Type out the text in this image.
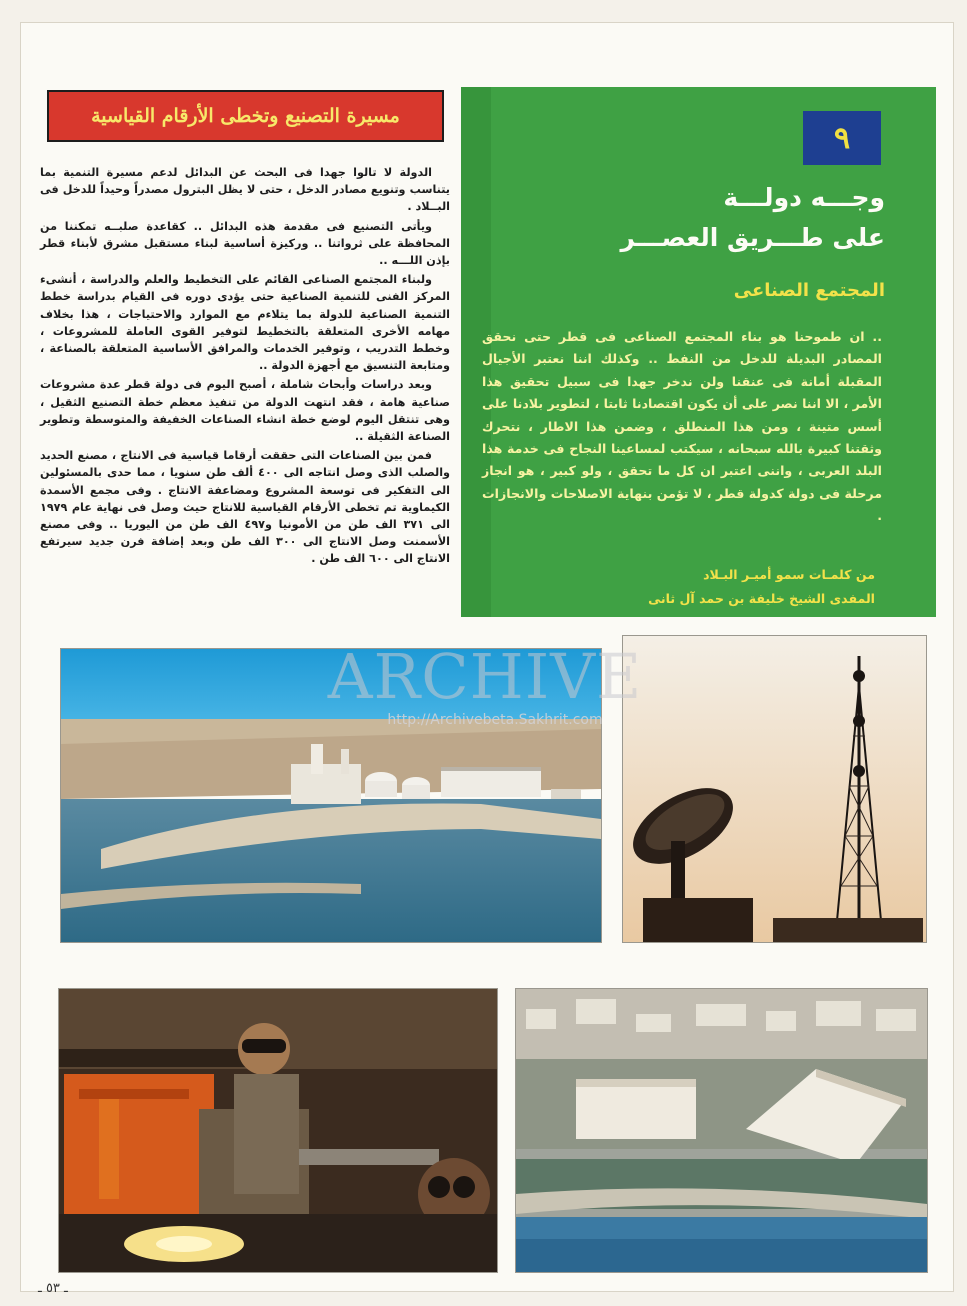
مسيرة التصنيع وتخطى الأرقام القياسية

الدولة لا تالوا جهدا فى البحث عن البدائل لدعم مسيرة التنمية بما يتناسب وتنويع مصادر الدخل ، حتى لا يظل البترول مصدراً وحيداً للدخل فى البــلاد .

ويأتى التصنيع فى مقدمة هذه البدائل .. كقاعدة صلبــه تمكننا من المحافظة على ثرواتنا .. وركيزة أساسية لبناء مستقبل مشرق لأبناء قطر بإذن اللـــه ..

ولبناء المجتمع الصناعى القائم على التخطيط والعلم والدراسة ، أنشىء المركز الفنى للتنمية الصناعية حتى يؤدى دوره فى القيام بدراسة خطط التنمية الصناعية للدولة بما يتلاءم مع الموارد والاحتياجات ، هذا بخلاف مهامه الأخرى المتعلقة بالتخطيط لتوفير القوى العاملة للمشروعات ، وخطط التدريب ، وتوفير الخدمات والمرافق الأساسية المتعلقة بالصناعة ، ومتابعة التنسيق مع أجهزة الدولة ..

وبعد دراسات وأبحاث شاملة ، أصبح اليوم فى دولة قطر عدة مشروعات صناعية هامة ، فقد انتهت الدولة من تنفيذ معظم خطة التصنيع الثقيل ، وهى تنتقل اليوم لوضع خطة انشاء الصناعات الخفيفة والمتوسطة وتطوير الصناعة الثقيلة ..

فمن بين الصناعات التى حققت أرقاما قياسية فى الانتاج ، مصنع الحديد والصلب الذى وصل انتاجه الى ٤٠٠ ألف طن سنويا ، مما حدى بالمسئولين الى التفكير فى توسعة المشروع ومضاعفة الانتاج . وفى مجمع الأسمدة الكيماوية تم تخطى الأرقام القياسية للانتاج حيث وصل فى نهاية عام ١٩٧٩ الى ٣٧١ الف طن من الأمونيا و٤٩٧ الف طن من اليوريا .. وفى مصنع الأسمنت وصل الانتاج الى ٣٠٠ الف طن وبعد إضافة فرن جديد سيرتفع الانتاج الى ٦٠٠ الف طن .

٩
وجـــه دولـــة
على طـــريق العصـــر
المجتمع الصناعى
.. ان طموحنا هو بناء المجتمع الصناعى فى قطر حتى نحقق المصادر البديلة للدخل من النفط .. وكذلك اننا نعتبر الأجيال المقبلة أمانة فى عنقنا ولن ندخر جهدا فى سبيل تحقيق هذا الأمر ، الا اننا نصر على أن يكون اقتصادنا ثابتا ، لتطوير بلادنا على أسس متينة ، ومن هذا المنطلق ، وضمن هذا الاطار ، نتحرك وثقتنا كبيرة بالله سبحانه ، سيكتب لمساعينا النجاح فى خدمة هذا البلد العربى ، واننى اعتبر ان كل ما تحقق ، ولو كبير ، هو انجاز مرحلة فى دولة كدولة قطر ، لا تؤمن بنهاية الاصلاحات والانجازات .
من كلمـات سمو أميـر البـلاد
المفدى الشيخ خليفة بن حمد آل ثانى
ARCHIVE
http://Archivebeta.Sakhrit.com
ـ ٥٣ ـ
